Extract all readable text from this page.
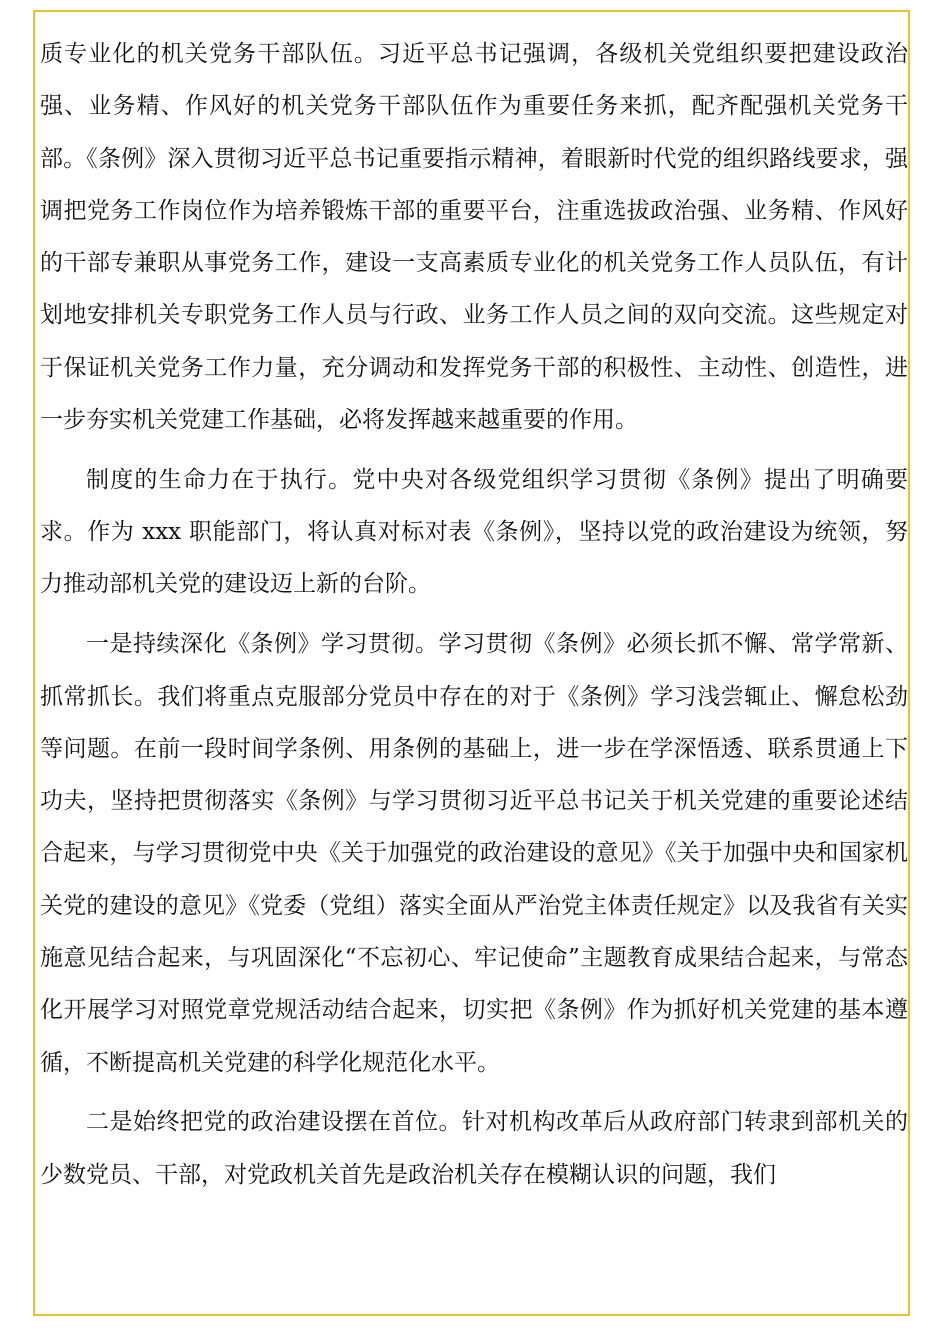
质专业化的机关党务干部队伍。习近平总书记强调，各级机关党组织要把建设政治强、业务精、作风好的机关党务干部队伍作为重要任务来抓，配齐配强机关党务干部。《条例》深入贯彻习近平总书记重要指示精神，着眼新时代党的组织路线要求，强调把党务工作岗位作为培养锻炼干部的重要平台，注重选拔政治强、业务精、作风好的干部专兼职从事党务工作，建设一支高素质专业化的机关党务工作人员队伍，有计划地安排机关专职党务工作人员与行政、业务工作人员之间的双向交流。这些规定对于保证机关党务工作力量，充分调动和发挥党务干部的积极性、主动性、创造性，进一步夯实机关党建工作基础，必将发挥越来越重要的作用。

制度的生命力在于执行。党中央对各级党组织学习贯彻《条例》提出了明确要求。作为 xxx 职能部门，将认真对标对表《条例》，坚持以党的政治建设为统领，努力推动部机关党的建设迈上新的台阶。

一是持续深化《条例》学习贯彻。学习贯彻《条例》必须长抓不懈、常学常新、抓常抓长。我们将重点克服部分党员中存在的对于《条例》学习浅尝辄止、懈怠松劲等问题。在前一段时间学条例、用条例的基础上，进一步在学深悟透、联系贯通上下功夫，坚持把贯彻落实《条例》与学习贯彻习近平总书记关于机关党建的重要论述结合起来，与学习贯彻党中央《关于加强党的政治建设的意见》《关于加强中央和国家机关党的建设的意见》《党委（党组）落实全面从严治党主体责任规定》以及我省有关实施意见结合起来，与巩固深化“不忘初心、牢记使命”主题教育成果结合起来，与常态化开展学习对照党章党规活动结合起来，切实把《条例》作为抓好机关党建的基本遵循，不断提高机关党建的科学化规范化水平。

二是始终把党的政治建设摆在首位。针对机构改革后从政府部门转隶到部机关的少数党员、干部，对党政机关首先是政治机关存在模糊认识的问题，我们
